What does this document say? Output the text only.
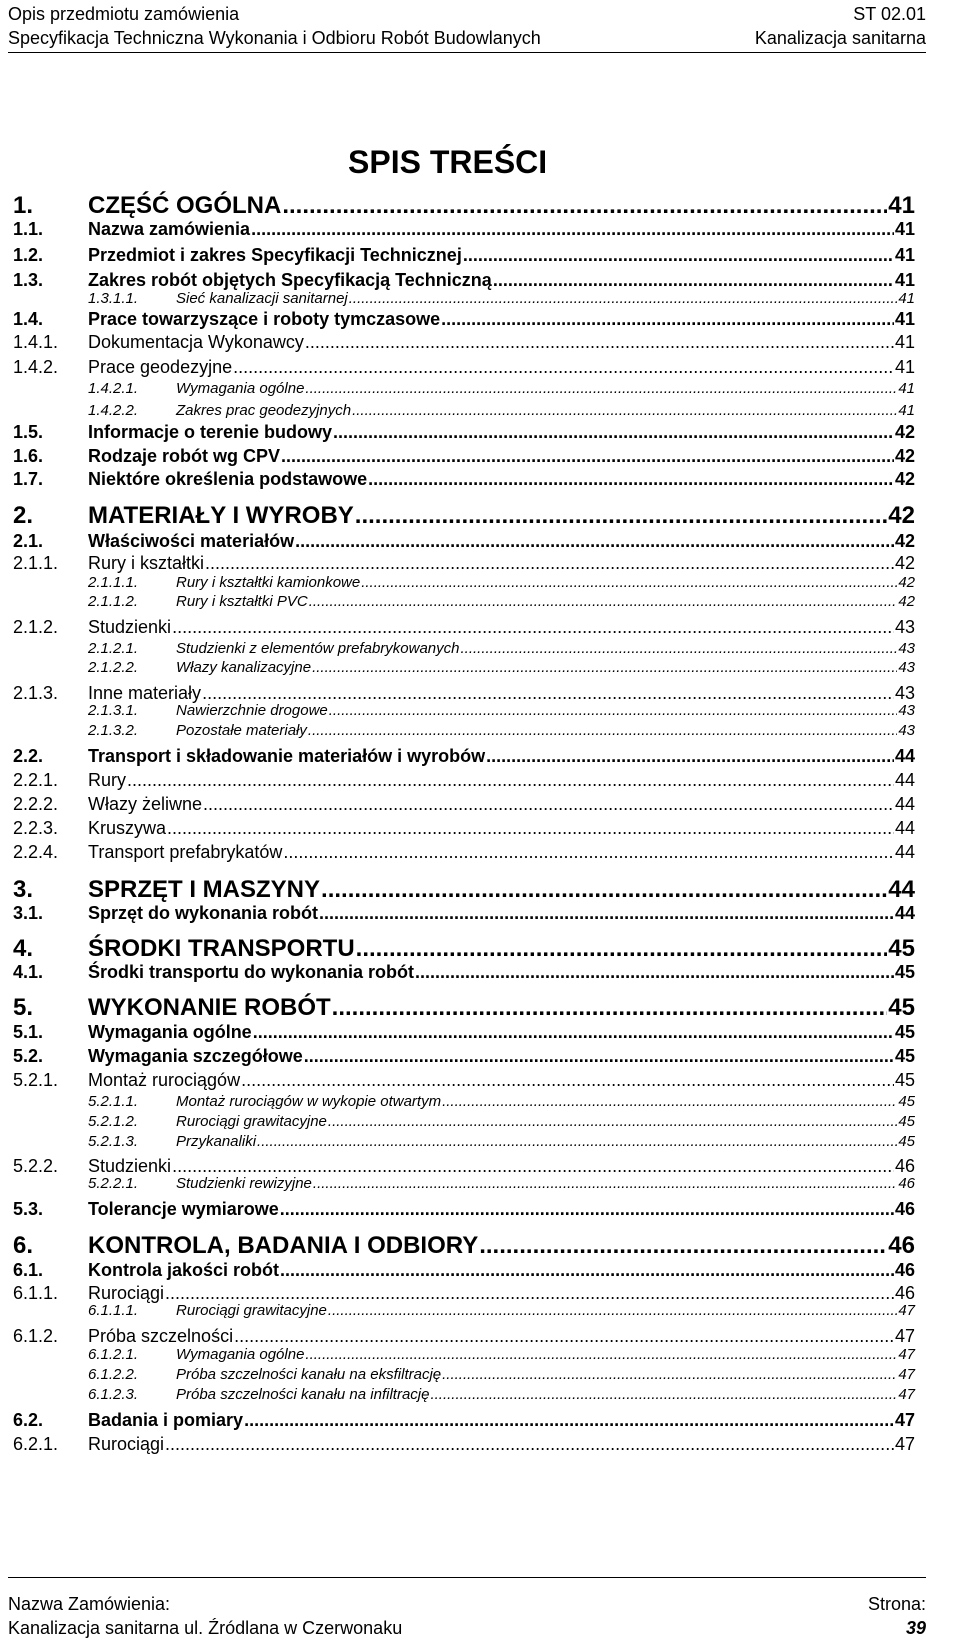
Opis przedmiotu zamówienia	ST 02.01
Specyfikacja Techniczna Wykonania i Odbioru Robót Budowlanych	Kanalizacja sanitarna
SPIS TREŚCI
1.	CZĘŚĆ OGÓLNA .....	41
1.1.	Nazwa zamówienia .....	41
1.2.	Przedmiot i zakres Specyfikacji Technicznej .....	41
1.3.	Zakres robót objętych Specyfikacją Techniczną .....	41
1.3.1.1.	Sieć kanalizacji sanitarnej .....	41
1.4.	Prace towarzyszące i roboty tymczasowe .....	41
1.4.1.	Dokumentacja Wykonawcy .....	41
1.4.2.	Prace geodezyjne .....	41
1.4.2.1.	Wymagania ogólne .....	41
1.4.2.2.	Zakres prac geodezyjnych .....	41
1.5.	Informacje o terenie budowy .....	42
1.6.	Rodzaje robót wg CPV .....	42
1.7.	Niektóre określenia podstawowe .....	42
2.	MATERIAŁY I WYROBY .....	42
2.1.	Właściwości materiałów .....	42
2.1.1.	Rury i kształtki .....	42
2.1.1.1.	Rury i kształtki kamionkowe .....	42
2.1.1.2.	Rury i kształtki PVC .....	42
2.1.2.	Studzienki .....	43
2.1.2.1.	Studzienki z elementów prefabrykowanych .....	43
2.1.2.2.	Włazy kanalizacyjne .....	43
2.1.3.	Inne materiały .....	43
2.1.3.1.	Nawierzchnie drogowe .....	43
2.1.3.2.	Pozostałe materiały .....	43
2.2.	Transport i składowanie materiałów i wyrobów .....	44
2.2.1.	Rury .....	44
2.2.2.	Włazy żeliwne .....	44
2.2.3.	Kruszywa .....	44
2.2.4.	Transport prefabrykatów .....	44
3.	SPRZĘT I MASZYNY .....	44
3.1.	Sprzęt do wykonania robót .....	44
4.	ŚRODKI TRANSPORTU .....	45
4.1.	Środki transportu do wykonania robót .....	45
5.	WYKONANIE ROBÓT .....	45
5.1.	Wymagania ogólne .....	45
5.2.	Wymagania szczegółowe .....	45
5.2.1.	Montaż rurociągów .....	45
5.2.1.1.	Montaż rurociągów w wykopie otwartym .....	45
5.2.1.2.	Rurociągi grawitacyjne .....	45
5.2.1.3.	Przykanaliki .....	45
5.2.2.	Studzienki .....	46
5.2.2.1.	Studzienki rewizyjne .....	46
5.3.	Tolerancje wymiarowe .....	46
6.	KONTROLA, BADANIA I ODBIORY .....	46
6.1.	Kontrola jakości robót .....	46
6.1.1.	Rurociągi .....	46
6.1.1.1.	Rurociągi grawitacyjne .....	47
6.1.2.	Próba szczelności .....	47
6.1.2.1.	Wymagania ogólne .....	47
6.1.2.2.	Próba szczelności kanału na eksfiltrację .....	47
6.1.2.3.	Próba szczelności kanału na infiltrację .....	47
6.2.	Badania i pomiary .....	47
6.2.1.	Rurociągi .....	47
Nazwa Zamówienia:	Strona:
Kanalizacja sanitarna ul. Źródlana w Czerwonaku	39
